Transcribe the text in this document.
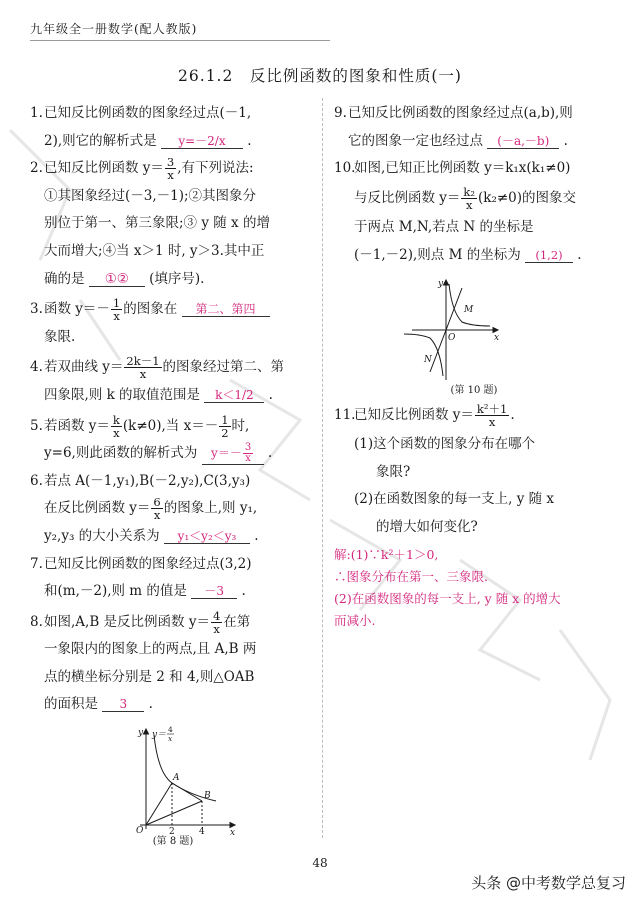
九年级全一册数学(配人教版)
26.1.2　反比例函数的图象和性质(一)
1. 已知反比例函数的图象经过点(－1,
2),则它的解析式是 y=－2/x .
2. 已知反比例函数 $y= \frac{3}{x}$ ,有下列说法:
①其图象经过(－3,－1);②其图象分
别位于第一、第三象限;③ y 随 x 的增
大而增大;④当 x＞1 时, y＞3.其中正
确的是 ①② (填序号).
3. 函数 $y=- \frac{1}{x}$ 的图象在 第二、第四
象限.
4. 若双曲线 $y= \frac{2k-1}{x}$ 的图象经过第二、第
四象限,则 k 的取值范围是 k＜1/2 .
5. 若函数 $y= \frac{k}{x} (k\ne 0)$,当 $x=- \frac{1}{2}$ 时,
y=6,则此函数的解析式为 $y=- \frac{3}{x}$ .
6. 若点 A(－1,y₁),B(－2,y₂),C(3,y₃)
在反比例函数 $y= \frac{6}{x}$ 的图象上,则 y₁,
y₂,y₃ 的大小关系为 y₁＜y₂＜y₃ .
7. 已知反比例函数的图象经过点(3,2)
和(m,－2),则 m 的值是 －3 .
8. 如图,A,B 是反比例函数 $y= \frac{4}{x}$ 在第
一象限内的图象上的两点,且 A,B 两
点的横坐标分别是 2 和 4,则△OAB
的面积是 3 .
y
x
O
A
B
2	4
y＝
4
x
(第 8 题)
9. 已知反比例函数的图象经过点(a,b),则
它的图象一定也经过点 (－a,－b) .
10.
如图,已知正比例函数 y＝k₁x(k₁≠0)
与反比例函数 $y= \frac{\text{k₂}}{x} (k_2\ne 0)$的图象交
于两点 M,N,若点 N 的坐标是
(－1,－2),则点 M 的坐标为 (1,2) .
y
x
O
M
N
(第 10 题)
11.
已知反比例函数 $y= \frac{\text{k²＋1}}{x}$ .
(1)这个函数的图象分布在哪个
象限?
(2)在函数图象的每一支上, y 随 x
的增大如何变化?
解:(1)∵k²＋1＞0,
∴图象分布在第一、三象限.
(2)在函数图象的每一支上, y 随 x 的增大
而减小.
48
头条 @中考数学总复习
